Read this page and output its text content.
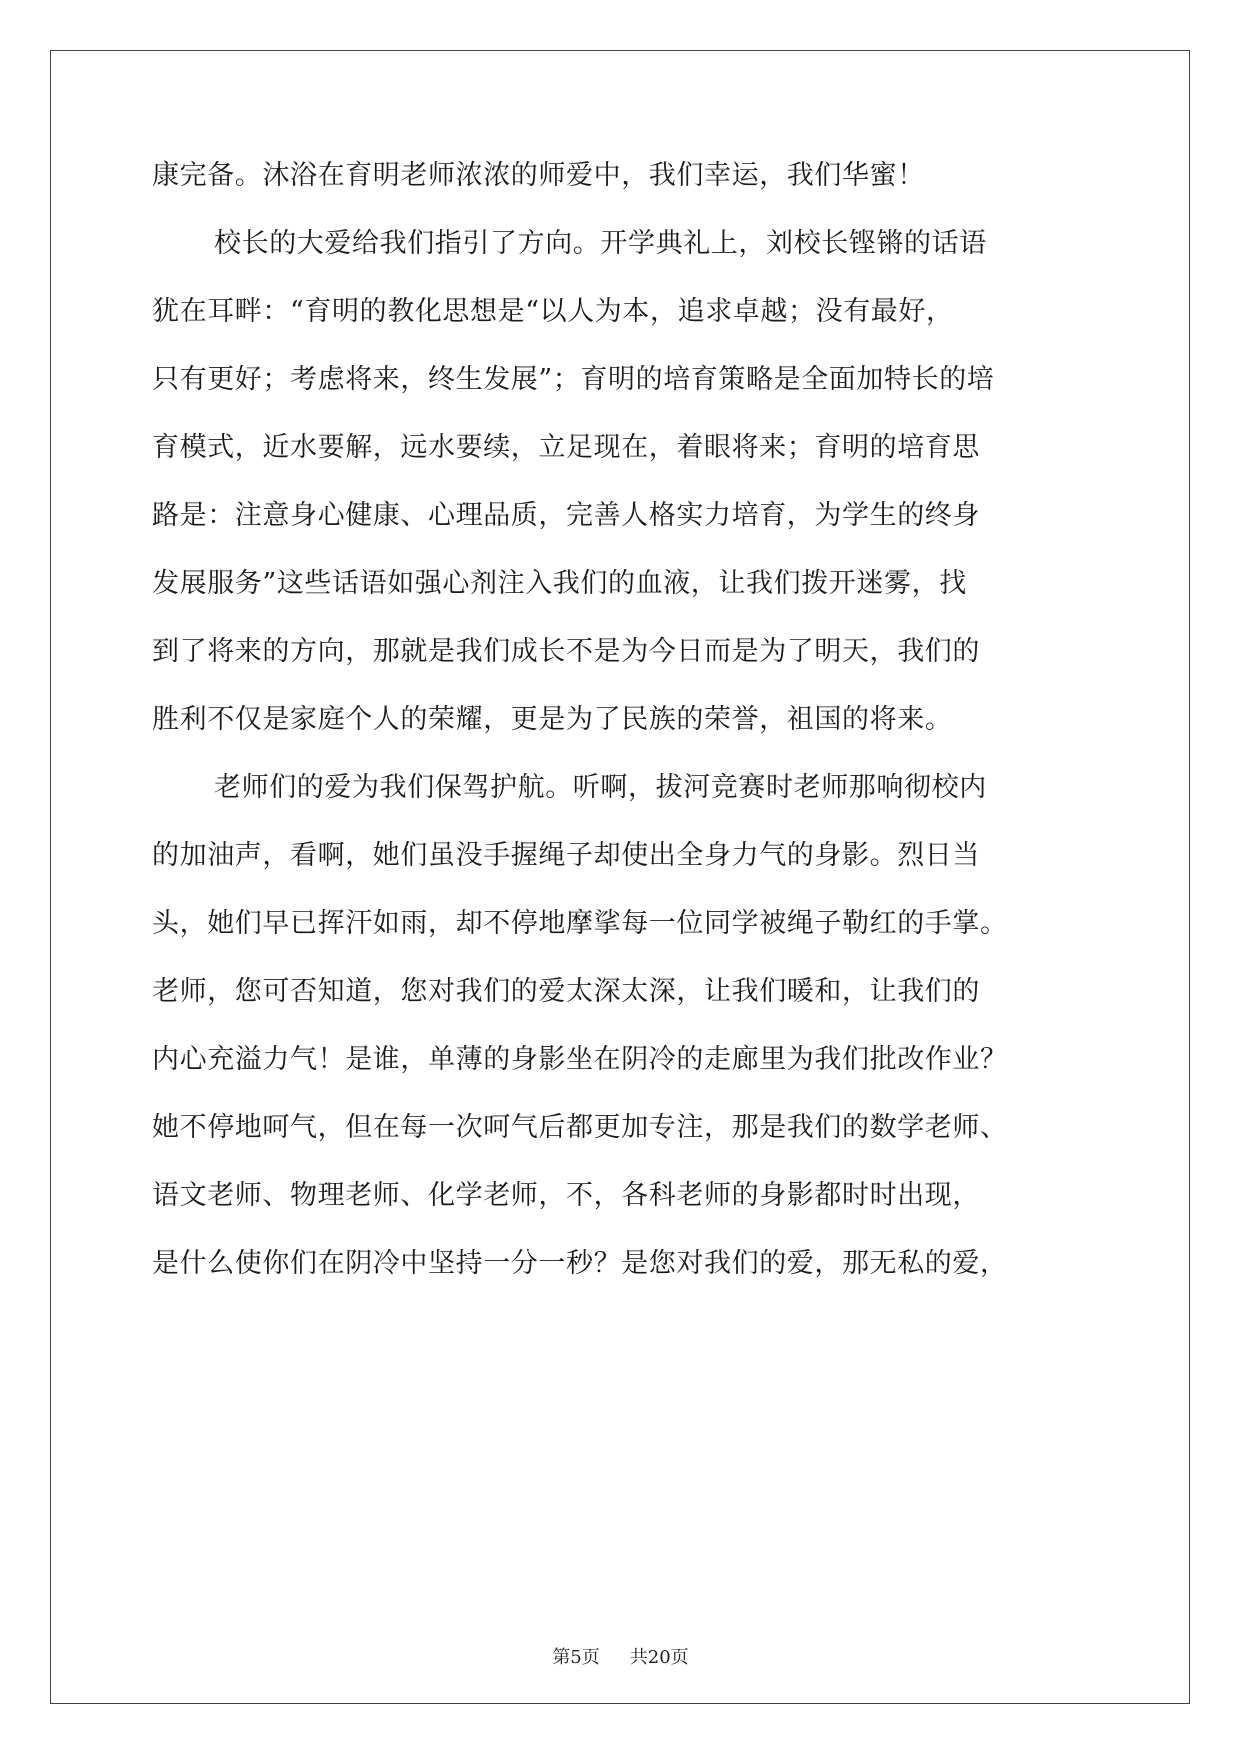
康完备。沐浴在育明老师浓浓的师爱中，我们幸运，我们华蜜！
校长的大爱给我们指引了方向。开学典礼上，刘校长铿锵的话语
犹在耳畔：“育明的教化思想是“以人为本，追求卓越；没有最好，
只有更好；考虑将来，终生发展”；育明的培育策略是全面加特长的培
育模式，近水要解，远水要续，立足现在，着眼将来；育明的培育思
路是：注意身心健康、心理品质，完善人格实力培育，为学生的终身
发展服务”这些话语如强心剂注入我们的血液，让我们拨开迷雾，找
到了将来的方向，那就是我们成长不是为今日而是为了明天，我们的
胜利不仅是家庭个人的荣耀，更是为了民族的荣誉，祖国的将来。
老师们的爱为我们保驾护航。听啊，拔河竞赛时老师那响彻校内
的加油声，看啊，她们虽没手握绳子却使出全身力气的身影。烈日当
头，她们早已挥汗如雨，却不停地摩挲每一位同学被绳子勒红的手掌。
老师，您可否知道，您对我们的爱太深太深，让我们暖和，让我们的
内心充溢力气！是谁，单薄的身影坐在阴冷的走廊里为我们批改作业？
她不停地呵气，但在每一次呵气后都更加专注，那是我们的数学老师、
语文老师、物理老师、化学老师，不，各科老师的身影都时时出现，
是什么使你们在阴冷中坚持一分一秒？是您对我们的爱，那无私的爱，
第5页 共20页
